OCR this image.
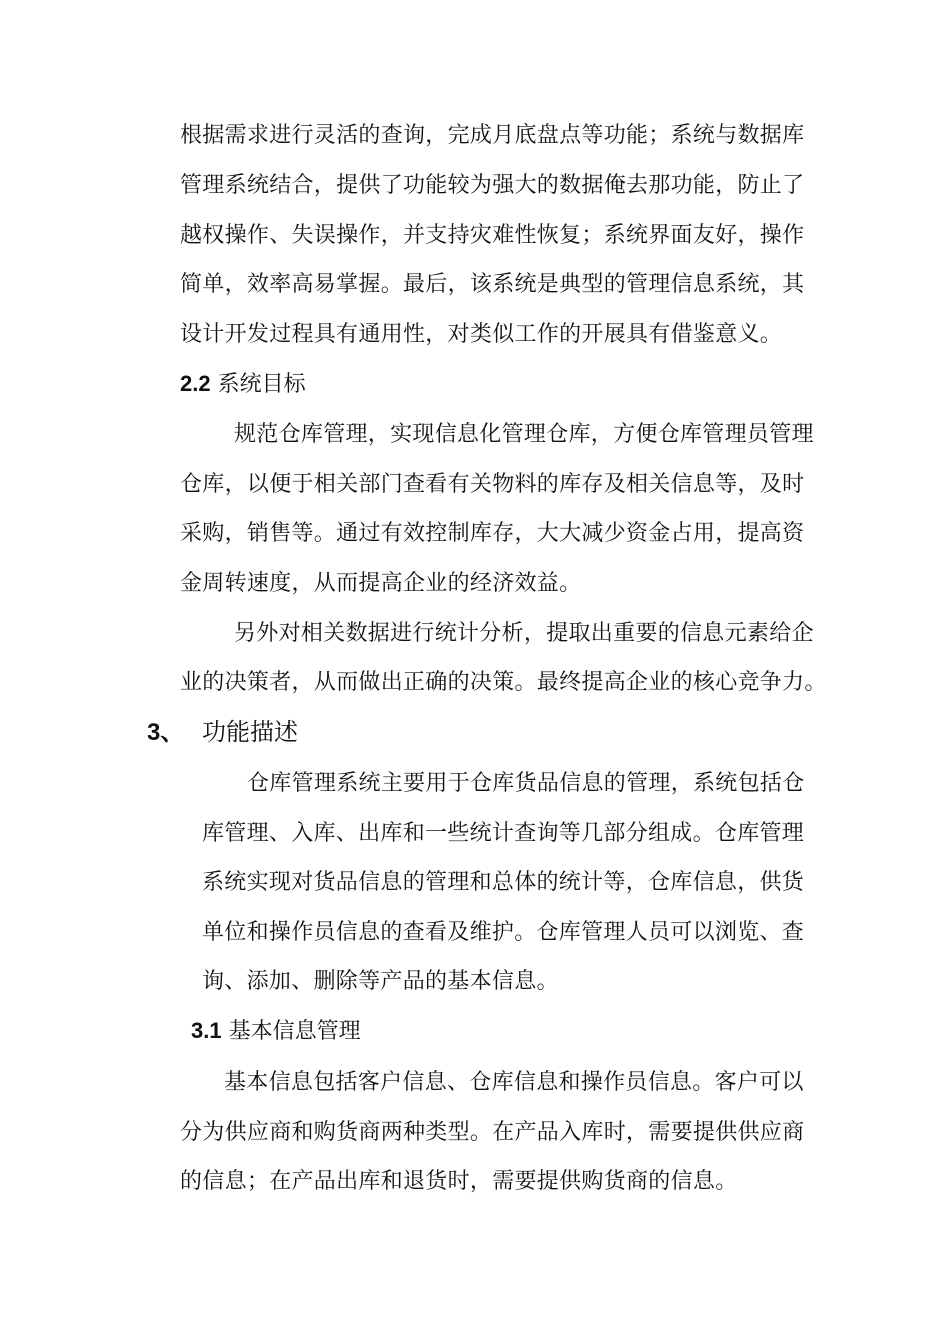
根据需求进行灵活的查询，完成月底盘点等功能；系统与数据库
管理系统结合，提供了功能较为强大的数据俺去那功能，防止了
越权操作、失误操作，并支持灾难性恢复；系统界面友好，操作
简单，效率高易掌握。最后，该系统是典型的管理信息系统，其
设计开发过程具有通用性，对类似工作的开展具有借鉴意义。
2.2 系统目标
规范仓库管理，实现信息化管理仓库，方便仓库管理员管理
仓库，以便于相关部门查看有关物料的库存及相关信息等，及时
采购，销售等。通过有效控制库存，大大减少资金占用，提高资
金周转速度，从而提高企业的经济效益。
另外对相关数据进行统计分析，提取出重要的信息元素给企
业的决策者，从而做出正确的决策。最终提高企业的核心竞争力。
3、 功能描述
仓库管理系统主要用于仓库货品信息的管理，系统包括仓
库管理、入库、出库和一些统计查询等几部分组成。仓库管理
系统实现对货品信息的管理和总体的统计等，仓库信息，供货
单位和操作员信息的查看及维护。仓库管理人员可以浏览、查
询、添加、删除等产品的基本信息。
3.1 基本信息管理
基本信息包括客户信息、仓库信息和操作员信息。客户可以
分为供应商和购货商两种类型。在产品入库时，需要提供供应商
的信息；在产品出库和退货时，需要提供购货商的信息。
